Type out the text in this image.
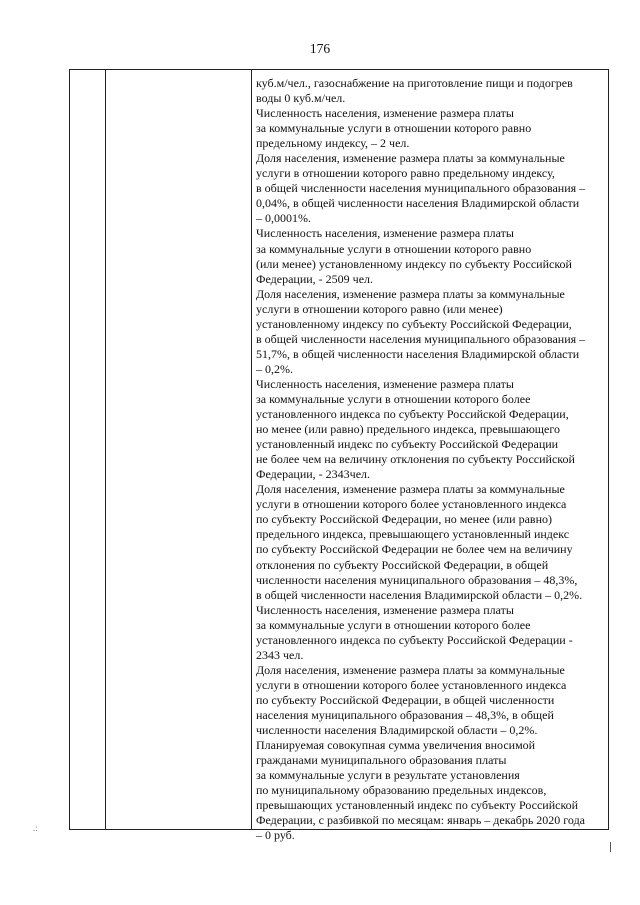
176
куб.м/чел., газоснабжение на приготовление пищи и подогрев
воды 0 куб.м/чел.
Численность населения, изменение размера платы
за коммунальные услуги в отношении которого равно
предельному индексу, – 2 чел.
Доля населения, изменение размера платы за коммунальные
услуги в отношении которого равно предельному индексу,
в общей численности населения муниципального образования –
0,04%, в общей численности населения Владимирской области
– 0,0001%.
Численность населения, изменение размера платы
за коммунальные услуги в отношении которого равно
(или менее) установленному индексу по субъекту Российской
Федерации, - 2509 чел.
Доля населения, изменение размера платы за коммунальные
услуги в отношении которого равно (или менее)
установленному индексу по субъекту Российской Федерации,
в общей численности населения муниципального образования –
51,7%, в общей численности населения Владимирской области
– 0,2%.
Численность населения, изменение размера платы
за коммунальные услуги в отношении которого более
установленного индекса по субъекту Российской Федерации,
но менее (или равно) предельного индекса, превышающего
установленный индекс по субъекту Российской Федерации
не более чем на величину отклонения по субъекту Российской
Федерации, - 2343чел.
Доля населения, изменение размера платы за коммунальные
услуги в отношении которого более установленного индекса
по субъекту Российской Федерации, но менее (или равно)
предельного индекса, превышающего установленный индекс
по субъекту Российской Федерации не более чем на величину
отклонения по субъекту Российской Федерации, в общей
численности населения муниципального образования – 48,3%,
в общей численности населения Владимирской области – 0,2%.
Численность населения, изменение размера платы
за коммунальные услуги в отношении которого более
установленного индекса по субъекту Российской Федерации -
2343 чел.
Доля населения, изменение размера платы за коммунальные
услуги в отношении которого более установленного индекса
по субъекту Российской Федерации, в общей численности
населения муниципального образования – 48,3%, в общей
численности населения Владимирской области – 0,2%.
Планируемая совокупная сумма увеличения вносимой
гражданами муниципального образования платы
за коммунальные услуги в результате установления
по муниципальному образованию предельных индексов,
превышающих установленный индекс по субъекту Российской
Федерации, с разбивкой по месяцам: январь – декабрь 2020 года
– 0 руб.
.:
